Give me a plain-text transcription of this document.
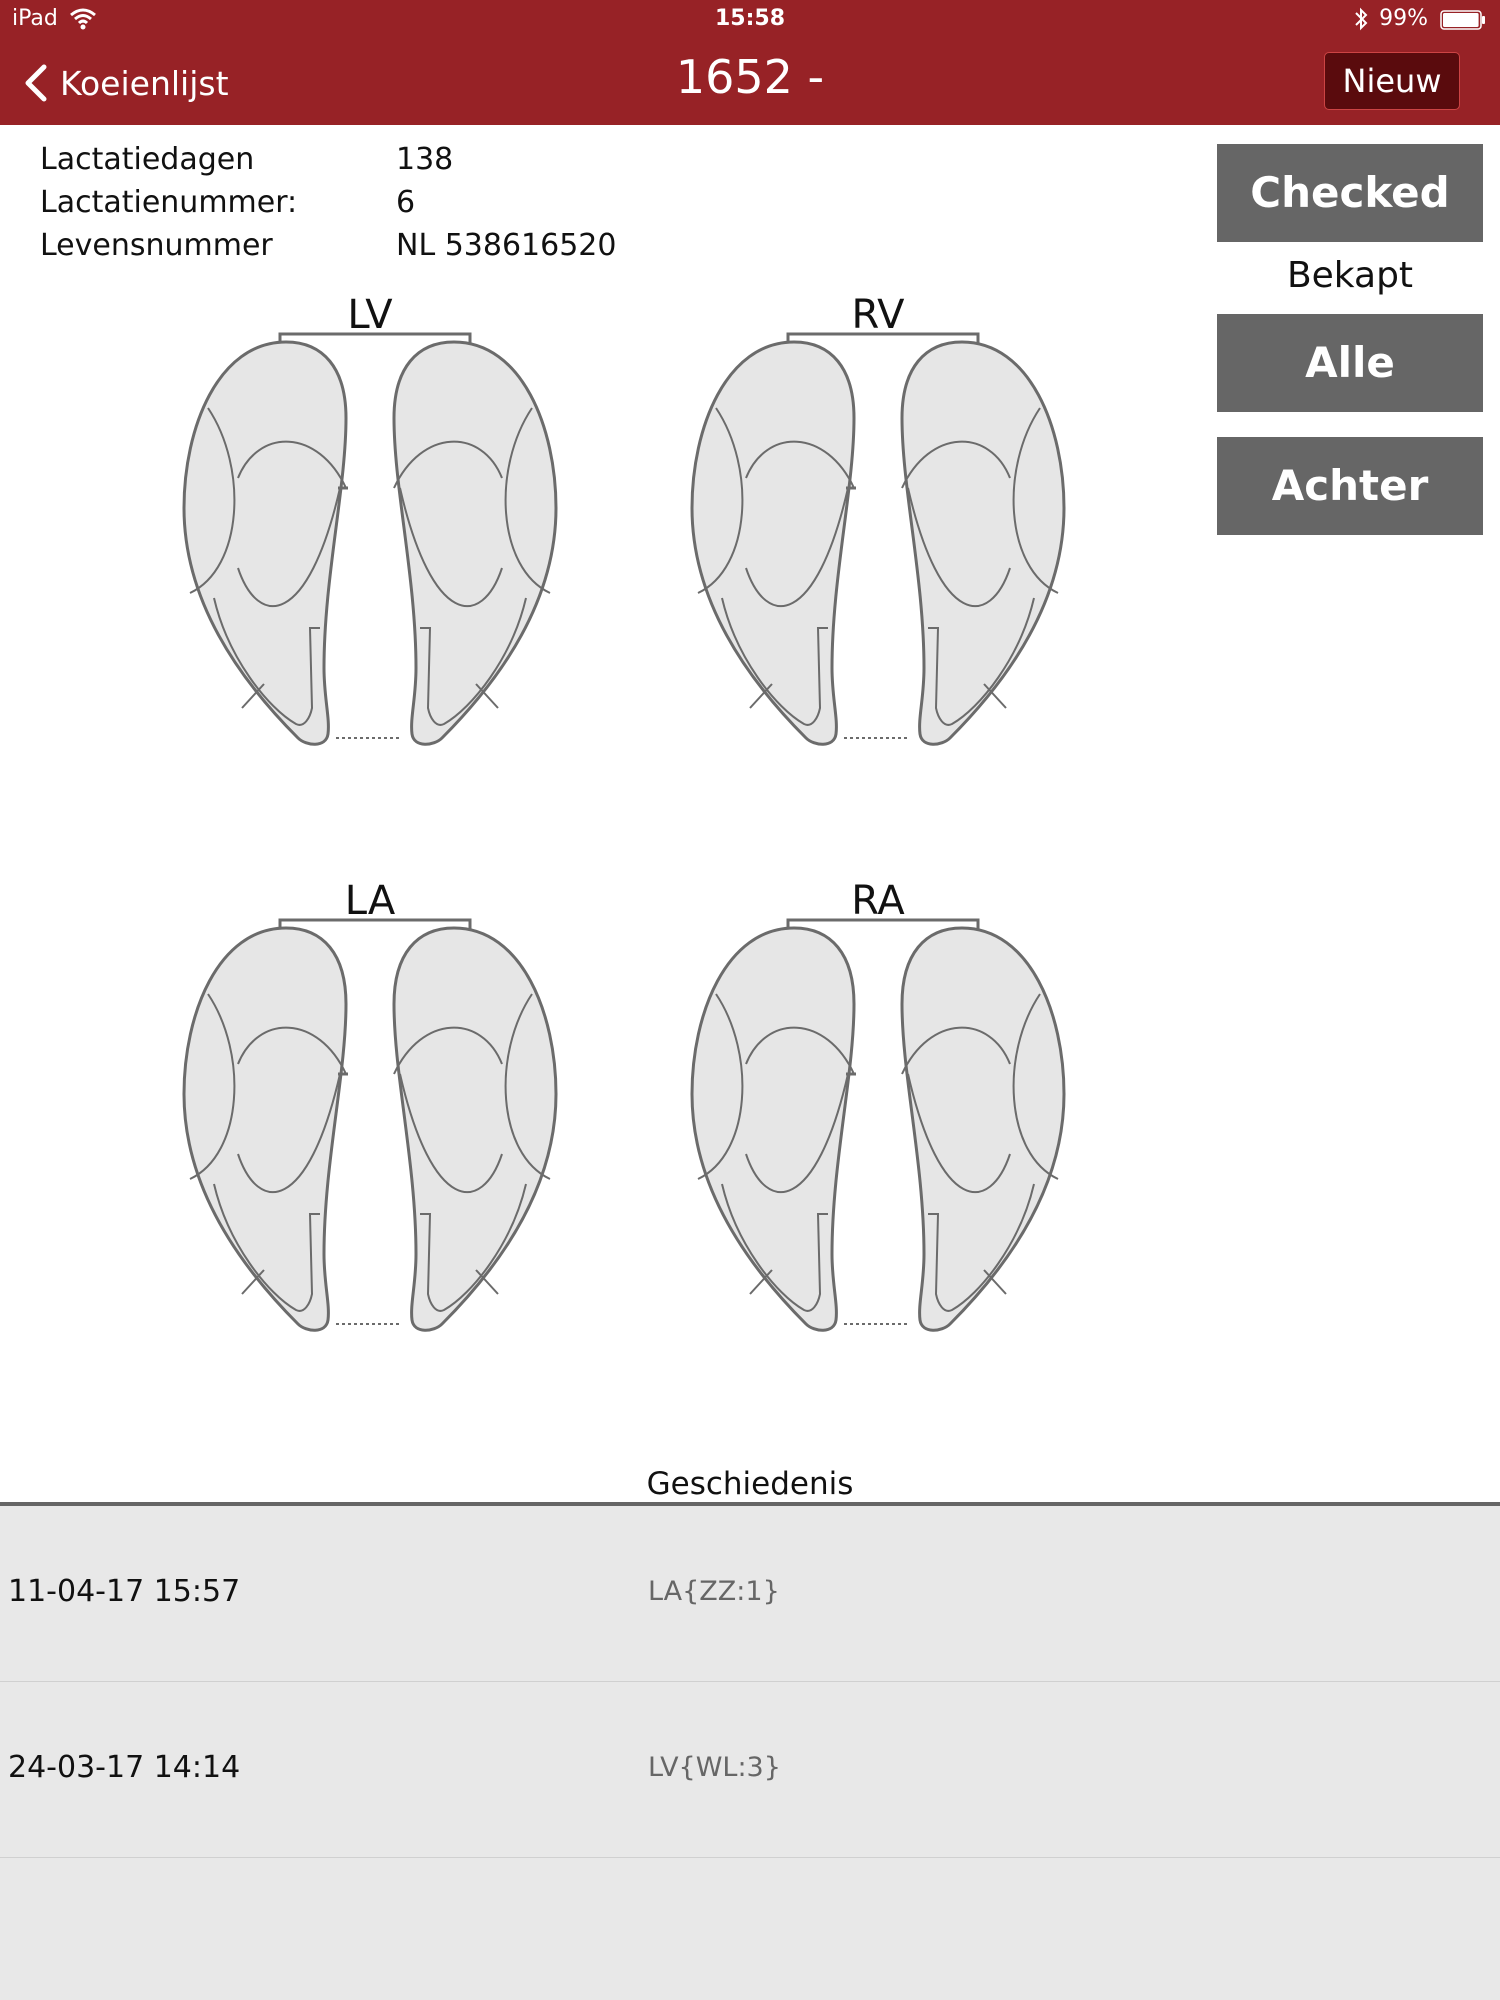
iPad	15:58	99%
Koeienlijst	1652 -	Nieuw
Lactatiedagen	138
Lactatienummer:	6
Levensnummer	NL 538616520
Checked
Bekapt
Alle
Achter
LV	RV
LA	RA
Geschiedenis
11-04-17 15:57	LA{ZZ:1}
24-03-17 14:14	LV{WL:3}
